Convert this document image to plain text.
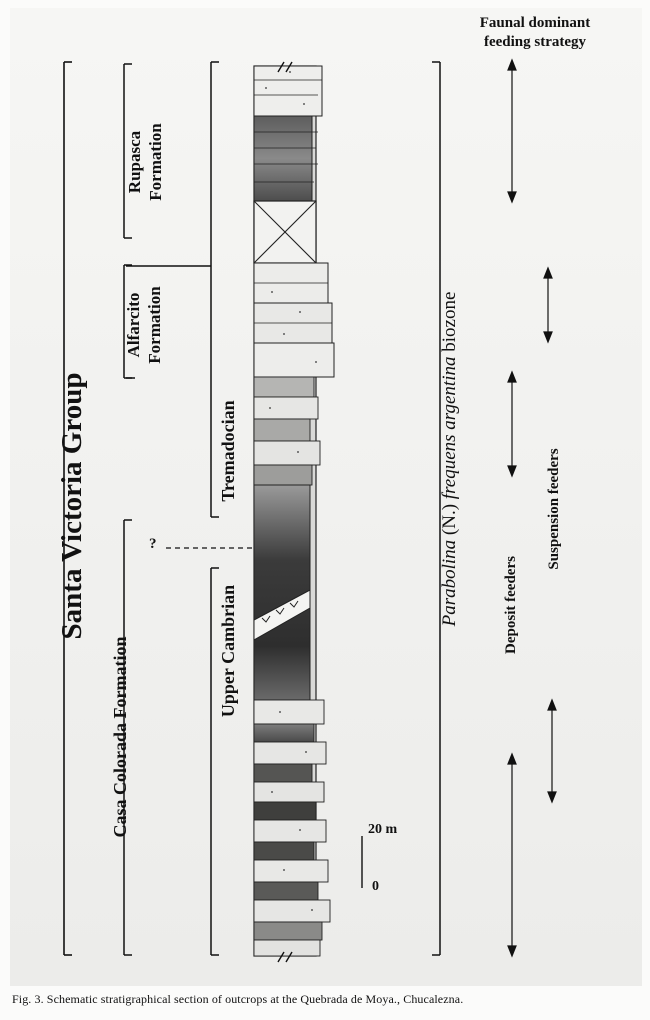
Faunal dominant
feeding strategy
Santa Victoria Group
Casa Colorada Formation
Alfarcito Formation
Rupasca Formation
Tremadocian
Upper Cambrian
?	Parabolina (N.) frequens argentina biozone
Deposit feeders
Suspension feeders
20 m
0
Fig. 3. Schematic stratigraphical section of outcrops at the Quebrada de Moya., Chucalezna.
